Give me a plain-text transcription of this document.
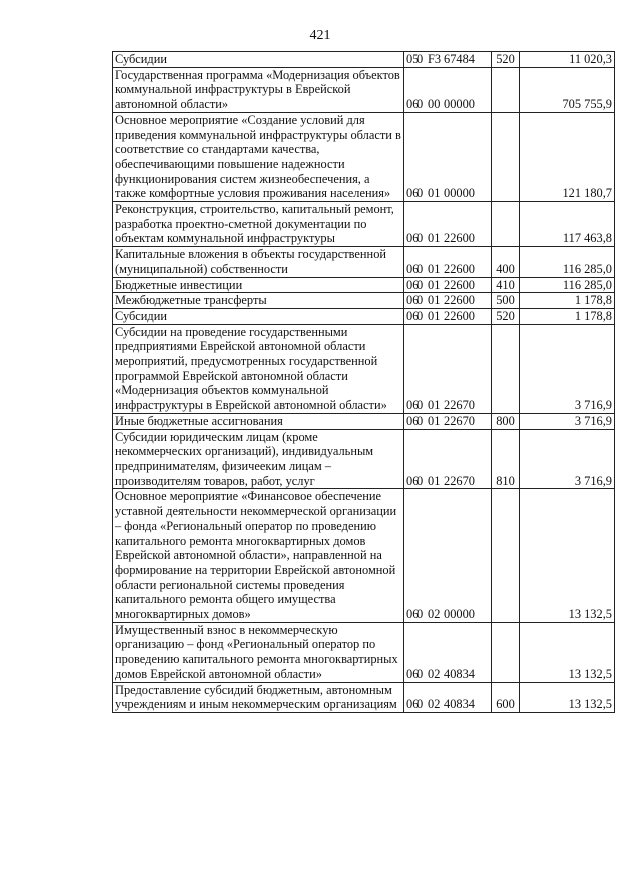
421
Субсидии	050 F3 67484	520	11 020,3
Государственная программа «Модернизация объектов коммунальной инфраструктуры в Еврейской автономной области»	060 00 00000		705 755,9
Основное мероприятие «Создание условий для приведения коммунальной инфраструктуры области в соответствие со стандартами качества, обеспечивающими повышение надежности функционирования систем жизнеобеспечения, а также комфортные условия проживания населения»	060 01 00000		121 180,7
Реконструкция, строительство, капитальный ремонт, разработка проектно-сметной документации по объектам коммунальной инфраструктуры	060 01 22600		117 463,8
Капитальные вложения в объекты государственной (муниципальной) собственности	060 01 22600	400	116 285,0
Бюджетные инвестиции	060 01 22600	410	116 285,0
Межбюджетные трансферты	060 01 22600	500	1 178,8
Субсидии	060 01 22600	520	1 178,8
Субсидии на проведение государственными предприятиями Еврейской автономной области мероприятий, предусмотренных государственной программой Еврейской автономной области «Модернизация объектов коммунальной инфраструктуры в Еврейской автономной области»	060 01 22670		3 716,9
Иные бюджетные ассигнования	060 01 22670	800	3 716,9
Субсидии юридическим лицам (кроме некоммерческих организаций), индивидуальным предпринимателям, физичееким лицам – производителям товаров, работ, услуг	060 01 22670	810	3 716,9
Основное мероприятие «Финансовое обеспечение уставной деятельности некоммерческой организации – фонда «Региональный оператор по проведению капитального ремонта многоквартирных домов Еврейской автономной области», направленной на формирование на территории Еврейской автономной области региональной системы проведения капитального ремонта общего имущества многоквартирных домов»	060 02 00000		13 132,5
Имущественный взнос в некоммерческую организацию – фонд «Региональный оператор по проведению капитального ремонта многоквартирных домов Еврейской автономной области»	060 02 40834		13 132,5
Предоставление субсидий бюджетным, автономным учреждениям и иным некоммерческим организациям	060 02 40834	600	13 132,5
